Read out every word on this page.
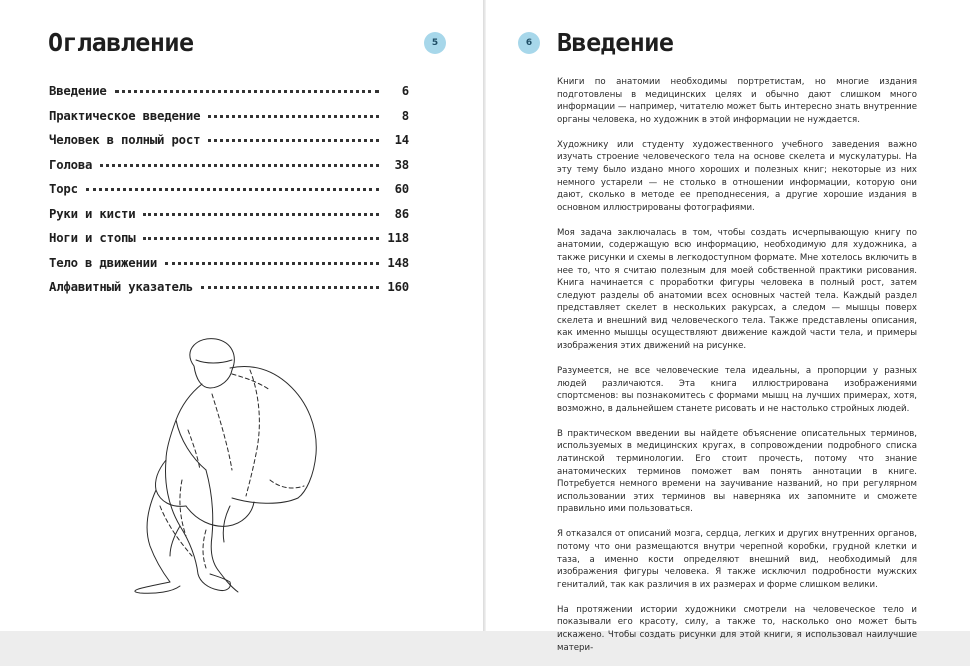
Оглавление	5
Введение	6
Практическое введение	8
Человек в полный рост	14
Голова	38
Торс	60
Руки и кисти	86
Ноги и стопы	118
Тело в движении	148
Алфавитный указатель	160
Введение
6

Книги по анатомии необходимы портретистам, но многие издания подготовлены в медицинских целях и обычно дают слишком много информации — например, читателю может быть интересно знать внутренние органы человека, но художник в этой информации не нуждается.

Художнику или студенту художественного учебного заведения важно изучать строение человеческого тела на основе скелета и мускулатуры. На эту тему было издано много хороших и полезных книг; некоторые из них немного устарели — не столько в отношении информации, которую они дают, сколько в методе ее преподнесения, а другие хорошие издания в основном иллюстрированы фотографиями.

Моя задача заключалась в том, чтобы создать исчерпывающую книгу по анатомии, содержащую всю информацию, необходимую для художника, а также рисунки и схемы в легкодоступном формате. Мне хотелось включить в нее то, что я считаю полезным для моей собственной практики рисования. Книга начинается с проработки фигуры человека в полный рост, затем следуют разделы об анатомии всех основных частей тела. Каждый раздел представляет скелет в нескольких ракурсах, а следом — мышцы поверх скелета и внешний вид человеческого тела. Также представлены описания, как именно мышцы осуществляют движение каждой части тела, и примеры изображения этих движений на рисунке.

Разумеется, не все человеческие тела идеальны, а пропорции у разных людей различаются. Эта книга иллюстрирована изображениями спортсменов: вы познакомитесь с формами мышц на лучших примерах, хотя, возможно, в дальнейшем станете рисовать и не настолько стройных людей.

В практическом введении вы найдете объяснение описательных терминов, используемых в медицинских кругах, в сопровождении подробного списка латинской терминологии. Его стоит прочесть, потому что знание анатомических терминов поможет вам понять аннотации в книге. Потребуется немного времени на заучивание названий, но при регулярном использовании этих терминов вы наверняка их запомните и сможете правильно ими пользоваться.

Я отказался от описаний мозга, сердца, легких и других внутренних органов, потому что они размещаются внутри черепной коробки, грудной клетки и таза, а именно кости определяют внешний вид, необходимый для изображения фигуры человека. Я также исключил подробности мужских гениталий, так как различия в их размерах и форме слишком велики.

На протяжении истории художники смотрели на человеческое тело и показывали его красоту, силу, а также то, насколько оно может быть искажено. Чтобы создать рисунки для этой книги, я использовал наилучшие матери-
